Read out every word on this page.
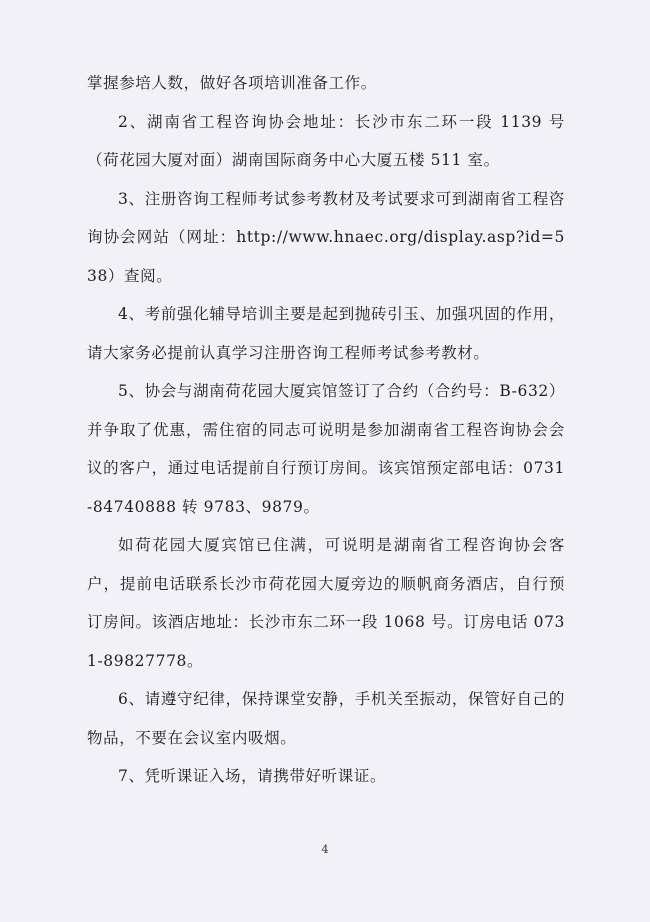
掌握参培人数，做好各项培训准备工作。

2、湖南省工程咨询协会地址：长沙市东二环一段 1139 号（荷花园大厦对面）湖南国际商务中心大厦五楼 511 室。

3、注册咨询工程师考试参考教材及考试要求可到湖南省工程咨询协会网站（网址：http://www.hnaec.org/display.asp?id=538）查阅。

4、考前强化辅导培训主要是起到抛砖引玉、加强巩固的作用，请大家务必提前认真学习注册咨询工程师考试参考教材。

5、协会与湖南荷花园大厦宾馆签订了合约（合约号：B-632）并争取了优惠，需住宿的同志可说明是参加湖南省工程咨询协会会议的客户，通过电话提前自行预订房间。该宾馆预定部电话：0731-84740888 转 9783、9879。

如荷花园大厦宾馆已住满，可说明是湖南省工程咨询协会客户，提前电话联系长沙市荷花园大厦旁边的顺帆商务酒店，自行预订房间。该酒店地址：长沙市东二环一段 1068 号。订房电话 0731-89827778。

6、请遵守纪律，保持课堂安静，手机关至振动，保管好自己的物品，不要在会议室内吸烟。

7、凭听课证入场，请携带好听课证。

4
